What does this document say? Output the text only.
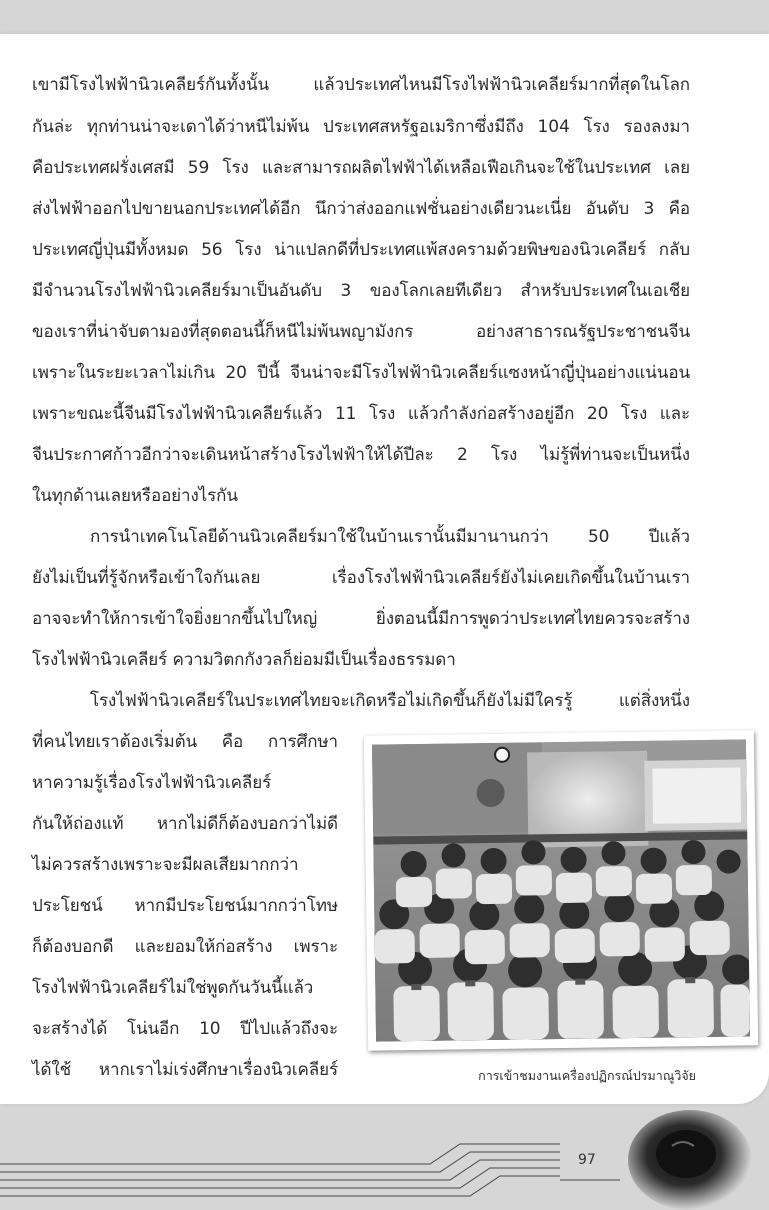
เขามีโรงไฟฟ้านิวเคลียร์กันทั้งนั้น	แล้วประเทศไหนมีโรงไฟฟ้านิวเคลียร์มากที่สุดในโลก
กันล่ะ ทุกท่านน่าจะเดาได้ว่าหนีไม่พ้น ประเทศสหรัฐอเมริกาซึ่งมีถึง 104 โรง รองลงมา
คือประเทศฝรั่งเศสมี 59 โรง และสามารถผลิตไฟฟ้าได้เหลือเฟือเกินจะใช้ในประเทศ เลย
ส่งไฟฟ้าออกไปขายนอกประเทศได้อีก นึกว่าส่งออกแฟชั่นอย่างเดียวนะเนี่ย อันดับ 3 คือ
ประเทศญี่ปุ่นมีทั้งหมด 56 โรง น่าแปลกดีที่ประเทศแพ้สงครามด้วยพิษของนิวเคลียร์ กลับ
มีจำนวนโรงไฟฟ้านิวเคลียร์มาเป็นอันดับ 3 ของโลกเลยทีเดียว สำหรับประเทศในเอเชีย
ของเราที่น่าจับตามองที่สุดตอนนี้ก็หนีไม่พ้นพญามังกร	อย่างสาธารณรัฐประชาชนจีน
เพราะในระยะเวลาไม่เกิน 20 ปีนี้ จีนน่าจะมีโรงไฟฟ้านิวเคลียร์แซงหน้าญี่ปุ่นอย่างแน่นอน
เพราะขณะนี้จีนมีโรงไฟฟ้านิวเคลียร์แล้ว 11 โรง แล้วกำลังก่อสร้างอยู่อีก 20 โรง และ
จีนประกาศก้าวอีกว่าจะเดินหน้าสร้างโรงไฟฟ้าให้ได้ปีละ 2 โรง ไม่รู้พี่ท่านจะเป็นหนึ่ง
ในทุกด้านเลยหรืออย่างไรกัน
การนำเทคโนโลยีด้านนิวเคลียร์มาใช้ในบ้านเรานั้นมีมานานกว่า 50 ปีแล้ว
ยังไม่เป็นที่รู้จักหรือเข้าใจกันเลย	เรื่องโรงไฟฟ้านิวเคลียร์ยังไม่เคยเกิดขึ้นในบ้านเรา
อาจจะทำให้การเข้าใจยิ่งยากขึ้นไปใหญ่	ยิ่งตอนนี้มีการพูดว่าประเทศไทยควรจะสร้าง
โรงไฟฟ้านิวเคลียร์ ความวิตกกังวลก็ย่อมมีเป็นเรื่องธรรมดา
โรงไฟฟ้านิวเคลียร์ในประเทศไทยจะเกิดหรือไม่เกิดขึ้นก็ยังไม่มีใครรู้	แต่สิ่งหนึ่ง
ที่คนไทยเราต้องเริ่มต้น คือ การศึกษา
หาความรู้เรื่องโรงไฟฟ้านิวเคลียร์
กันให้ถ่องแท้ หากไม่ดีก็ต้องบอกว่าไม่ดี
ไม่ควรสร้างเพราะจะมีผลเสียมากกว่า
ประโยชน์ หากมีประโยชน์มากกว่าโทษ
ก็ต้องบอกดี และยอมให้ก่อสร้าง เพราะ
โรงไฟฟ้านิวเคลียร์ไม่ใช่พูดกันวันนี้แล้ว
จะสร้างได้ โน่นอีก 10 ปีไปแล้วถึงจะ
ได้ใช้ หากเราไม่เร่งศึกษาเรื่องนิวเคลียร์	การเข้าชมงานเครื่องปฏิกรณ์ปรมาณูวิจัย
97
